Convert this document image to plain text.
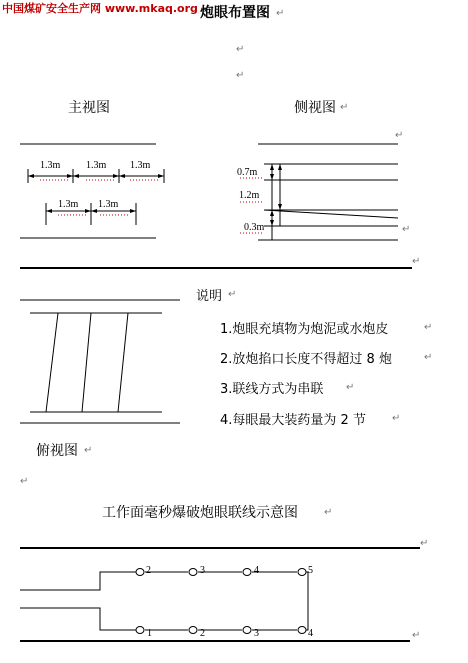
中国煤矿安全生产网 www.mkaq.org 炮眼布置图 ↵
↵
↵
主视图	侧视图 ↵
1.3m	1.3m 1.3m
1.3m 1.3m
0.7m
1.2m
0.3m
2	3	4	5
1	2	3	4
↵
↵
↵
说明 ↵
1.炮眼充填物为炮泥或水炮皮
2.放炮掐口长度不得超过 8 炮
3.联线方式为串联
4.每眼最大装药量为 2 节
↵
↵
↵
↵
俯视图 ↵
↵
工作面毫秒爆破炮眼联线示意图	↵
↵
↵
